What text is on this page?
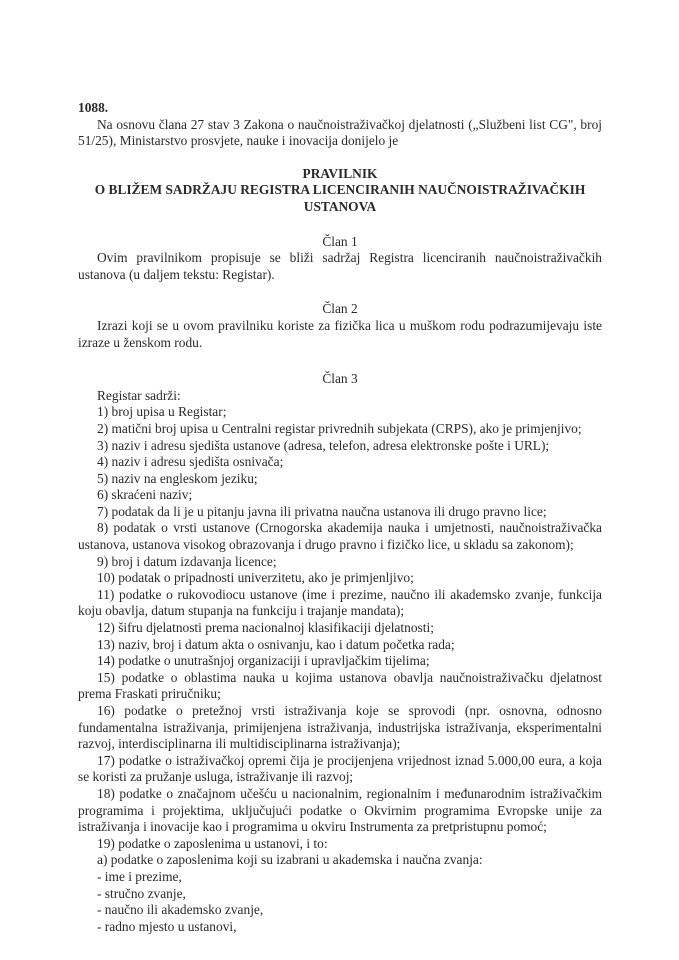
1088.

Na osnovu člana 27 stav 3 Zakona o naučnoistraživačkoj djelatnosti („Službeni list CG", broj 51/25), Ministarstvo prosvjete, nauke i inovacija donijelo je

PRAVILNIK

O BLIŽEM SADRŽAJU REGISTRA LICENCIRANIH NAUČNOISTRAŽIVAČKIH

USTANOVA

Član 1

Ovim pravilnikom propisuje se bliži sadržaj Registra licenciranih naučnoistraživačkih ustanova (u daljem tekstu: Registar).

Član 2

Izrazi koji se u ovom pravilniku koriste za fizička lica u muškom rodu podrazumijevaju iste izraze u ženskom rodu.

Član 3

Registar sadrži:

1) broj upisa u Registar;

2) matični broj upisa u Centralni registar privrednih subjekata (CRPS), ako je primjenjivo;

3) naziv i adresu sjedišta ustanove (adresa, telefon, adresa elektronske pošte i URL);

4) naziv i adresu sjedišta osnivača;

5) naziv na engleskom jeziku;

6) skraćeni naziv;

7) podatak da li je u pitanju javna ili privatna naučna ustanova ili drugo pravno lice;

8) podatak o vrsti ustanove (Crnogorska akademija nauka i umjetnosti, naučnoistraživačka ustanova, ustanova visokog obrazovanja i drugo pravno i fizičko lice, u skladu sa zakonom);

9) broj i datum izdavanja licence;

10) podatak o pripadnosti univerzitetu, ako je primjenljivo;

11) podatke o rukovodiocu ustanove (ime i prezime, naučno ili akademsko zvanje, funkcija koju obavlja, datum stupanja na funkciju i trajanje mandata);

12) šifru djelatnosti prema nacionalnoj klasifikaciji djelatnosti;

13) naziv, broj i datum akta o osnivanju, kao i datum početka rada;

14) podatke o unutrašnjoj organizaciji i upravljačkim tijelima;

15) podatke o oblastima nauka u kojima ustanova obavlja naučnoistraživačku djelatnost prema Fraskati priručniku;

16) podatke o pretežnoj vrsti istraživanja koje se sprovodi (npr. osnovna, odnosno fundamentalna istraživanja, primijenjena istraživanja, industrijska istraživanja, eksperimentalni razvoj, interdisciplinarna ili multidisciplinarna istraživanja);

17) podatke o istraživačkoj opremi čija je procijenjena vrijednost iznad 5.000,00 eura, a koja se koristi za pružanje usluga, istraživanje ili razvoj;

18) podatke o značajnom učešću u nacionalnim, regionalnim i međunarodnim istraživačkim programima i projektima, uključujući podatke o Okvirnim programima Evropske unije za istraživanja i inovacije kao i programima u okviru Instrumenta za pretpristupnu pomoć;

19) podatke o zaposlenima u ustanovi, i to:

a) podatke o zaposlenima koji su izabrani u akademska i naučna zvanja:

- ime i prezime,

- stručno zvanje,

- naučno ili akademsko zvanje,

- radno mjesto u ustanovi,
